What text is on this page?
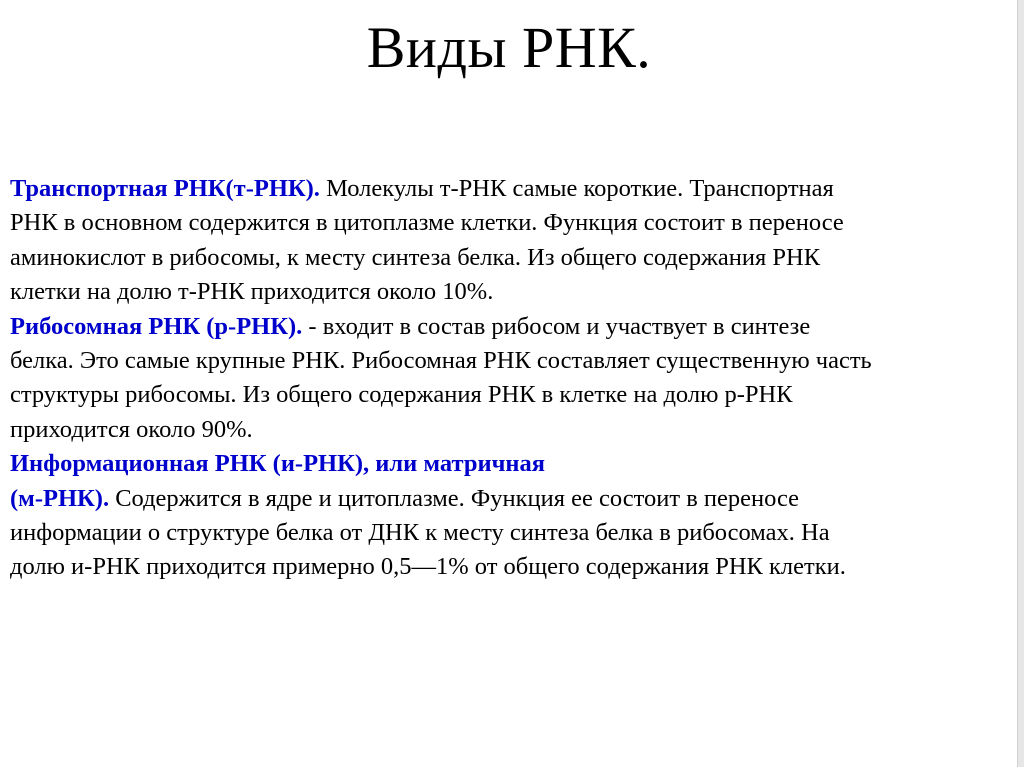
Виды РНК.

Транспортная РНК(т-РНК). Молекулы т-РНК самые короткие. Транспортная
РНК в основном содержится в цитоплазме клетки. Функция состоит в переносе
аминокислот в рибосомы, к месту синтеза белка. Из общего содержания РНК
клетки на долю т-РНК приходится около 10%.

Рибосомная РНК (р-РНК). - входит в состав рибосом и участвует в синтезе
белка. Это самые крупные РНК. Рибосомная РНК составляет существенную часть
структуры рибосомы. Из общего содержания РНК в клетке на долю р-РНК
приходится около 90%.

Информационная РНК (и-РНК), или матричная
(м-РНК). Содержится в ядре и цитоплазме. Функция ее состоит в переносе
информации о структуре белка от ДНК к месту синтеза белка в рибосомах. На
долю и-РНК приходится примерно 0,5—1% от общего содержания РНК клетки.
